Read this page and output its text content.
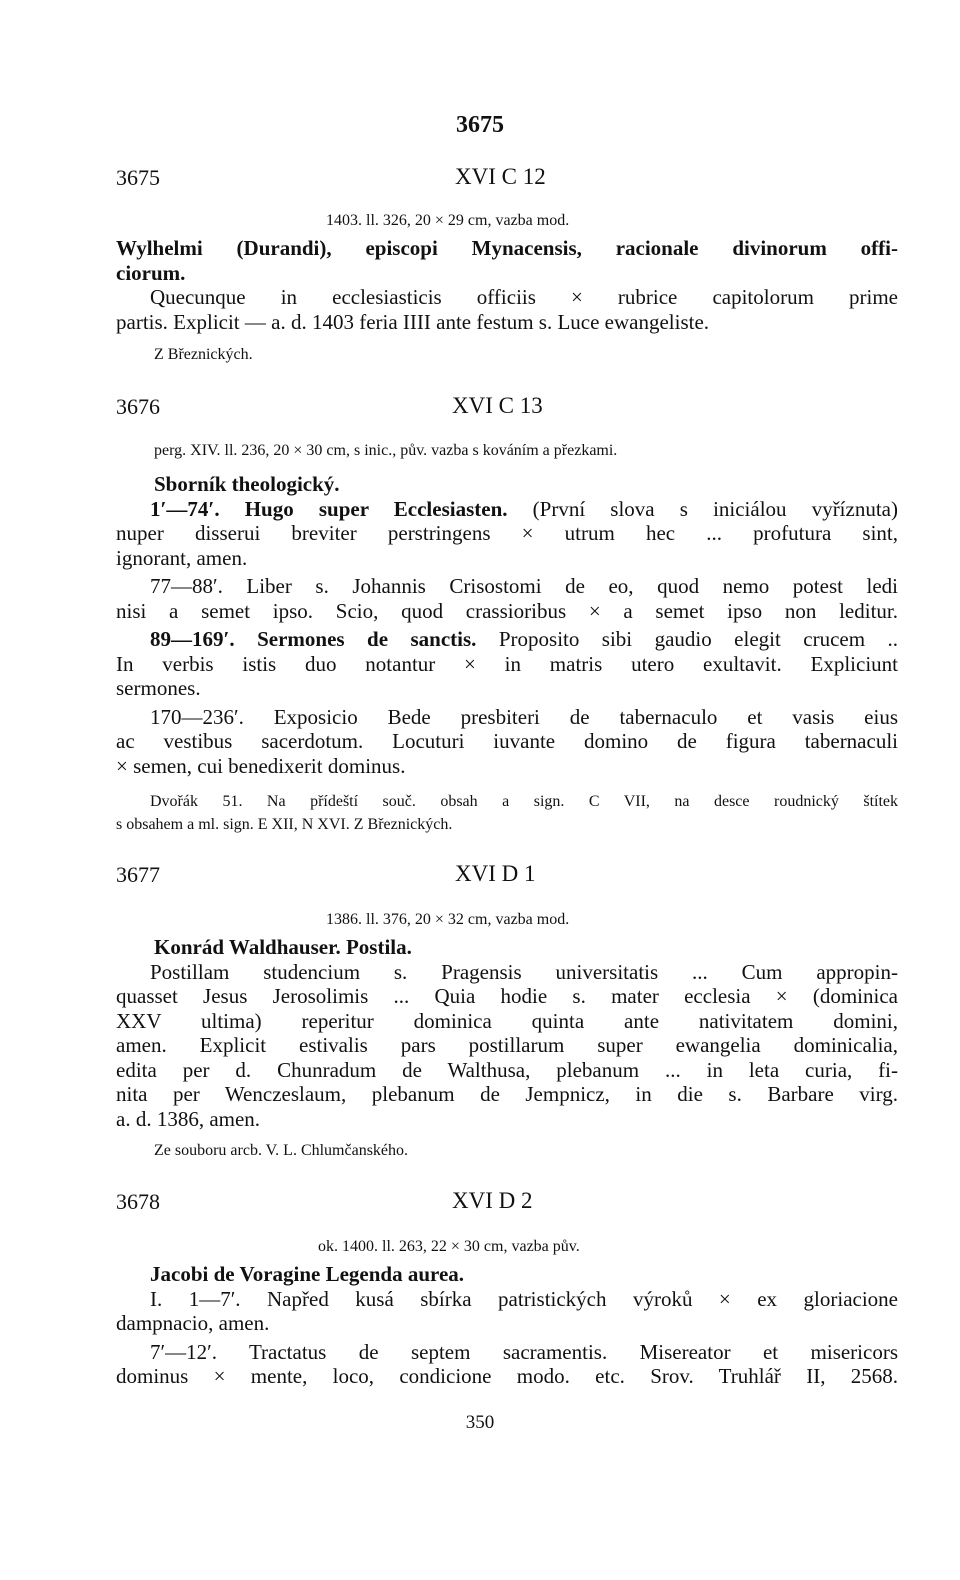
3675
3675	XVI C 12
1403. ll. 326, 20 × 29 cm, vazba mod.

Wylhelmi (Durandi), episcopi Mynacensis, racionale divinorum offi-

ciorum.

Quecunque in ecclesiasticis officiis × rubrice capitolorum prime

partis. Explicit — a. d. 1403 feria IIII ante festum s. Luce ewangeliste.

Z Březnických.
3676	XVI C 13
perg. XIV. ll. 236, 20 × 30 cm, s inic., pův. vazba s kováním a přezkami.

Sborník theologický.

1′—74′. Hugo super Ecclesiasten. (První slova s iniciálou vyříznuta)

nuper disserui breviter perstringens × utrum hec ... profutura sint,

ignorant, amen.

77—88′. Liber s. Johannis Crisostomi de eo, quod nemo potest ledi

nisi a semet ipso. Scio, quod crassioribus × a semet ipso non leditur.

89—169′. Sermones de sanctis. Proposito sibi gaudio elegit crucem ..

In verbis istis duo notantur × in matris utero exultavit. Expliciunt

sermones.

170—236′. Exposicio Bede presbiteri de tabernaculo et vasis eius

ac vestibus sacerdotum. Locuturi iuvante domino de figura tabernaculi

× semen, cui benedixerit dominus.

Dvořák 51. Na přídeští souč. obsah a sign. C VII, na desce roudnický štítek
s obsahem a ml. sign. E XII, N XVI. Z Březnických.
3677	XVI D 1
1386. ll. 376, 20 × 32 cm, vazba mod.

Konrád Waldhauser. Postila.

Postillam studencium s. Pragensis universitatis ... Cum appropin-

quasset Jesus Jerosolimis ... Quia hodie s. mater ecclesia × (dominica

XXV ultima) reperitur dominica quinta ante nativitatem domini,

amen. Explicit estivalis pars postillarum super ewangelia dominicalia,

edita per d. Chunradum de Walthusa, plebanum ... in leta curia, fi-

nita per Wenczeslaum, plebanum de Jempnicz, in die s. Barbare virg.

a. d. 1386, amen.

Ze souboru arcb. V. L. Chlumčanského.
3678	XVI D 2
ok. 1400. ll. 263, 22 × 30 cm, vazba pův.

Jacobi de Voragine Legenda aurea.

I. 1—7′. Napřed kusá sbírka patristických výroků × ex gloriacione

dampnacio, amen.

7′—12′. Tractatus de septem sacramentis. Misereator et misericors

dominus × mente, loco, condicione modo. etc. Srov. Truhlář II, 2568.

350
